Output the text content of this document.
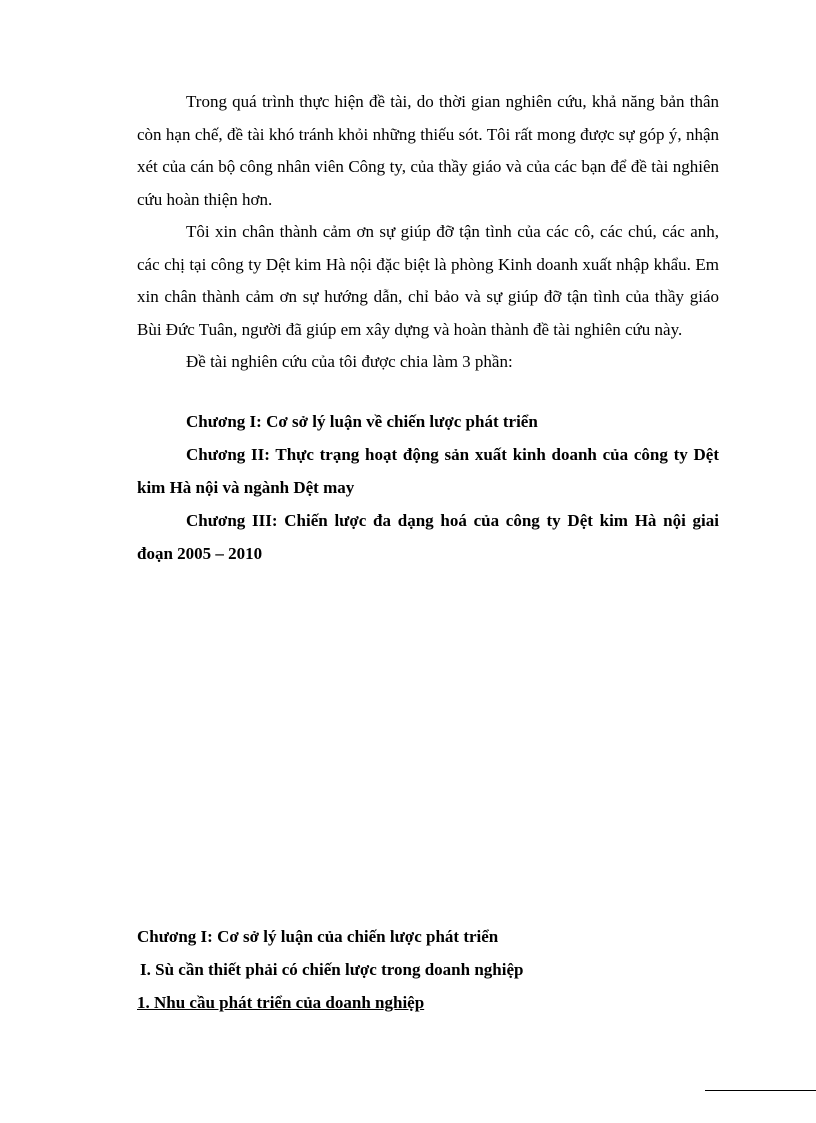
Trong quá trình thực hiện đề tài, do thời gian nghiên cứu, khả năng bản thân còn hạn chế, đề tài khó tránh khỏi những thiếu sót. Tôi rất mong được sự góp ý, nhận xét của cán bộ công nhân viên Công ty, của thầy giáo và của các bạn để đề tài nghiên cứu hoàn thiện hơn.

Tôi xin chân thành cảm ơn sự giúp đỡ tận tình của các cô, các chú, các anh, các chị tại công ty Dệt kim Hà nội đặc biệt là phòng Kinh doanh xuất nhập khẩu. Em xin chân thành cảm ơn sự hướng dẫn, chỉ bảo và sự giúp đỡ tận tình của thầy giáo Bùi Đức Tuân, người đã giúp em xây dựng và hoàn thành đề tài nghiên cứu này.

Đề tài nghiên cứu của tôi được chia làm 3 phần:

Chương I: Cơ sở lý luận về chiến lược phát triển

Chương II: Thực trạng hoạt động sản xuất kinh doanh của công ty Dệt kim Hà nội và ngành Dệt may

Chương III: Chiến lược đa dạng hoá của công ty Dệt kim Hà nội giai đoạn 2005 – 2010

Chương I: Cơ sở lý luận của chiến lược phát triển

I. Sù cần thiết phải có chiến lược trong doanh nghiệp

1. Nhu cầu phát triển của doanh nghiệp
